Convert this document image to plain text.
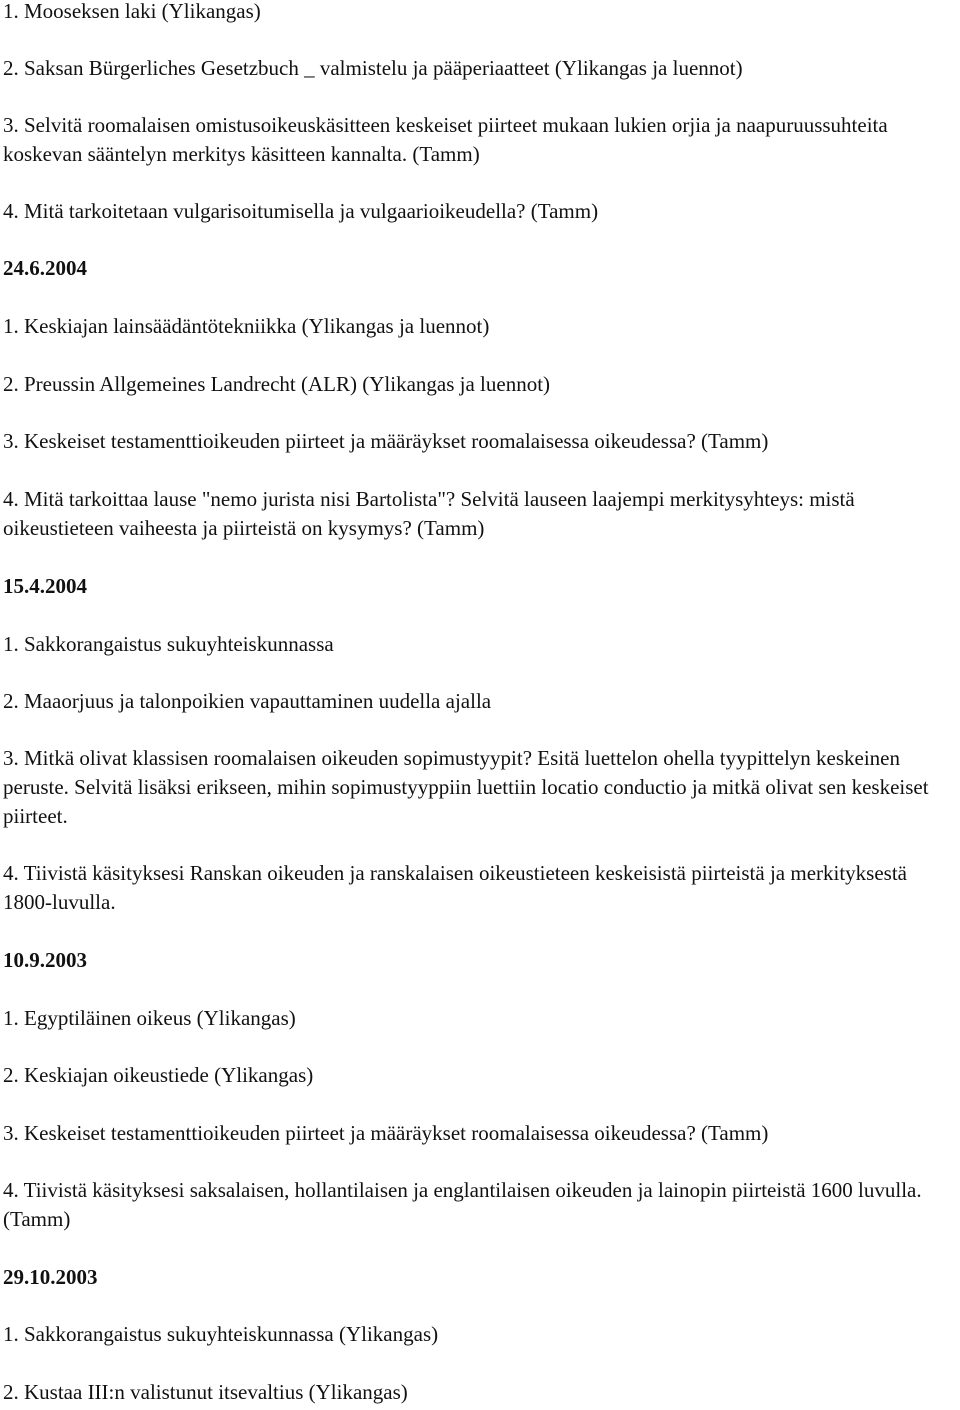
1. Mooseksen laki (Ylikangas)

2. Saksan Bürgerliches Gesetzbuch _ valmistelu ja pääperiaatteet (Ylikangas ja luennot)

3. Selvitä roomalaisen omistusoikeuskäsitteen keskeiset piirteet mukaan lukien orjia ja naapuruussuhteita koskevan sääntelyn merkitys käsitteen kannalta. (Tamm)

4. Mitä tarkoitetaan vulgarisoitumisella ja vulgaarioikeudella? (Tamm)

24.6.2004

1. Keskiajan lainsäädäntötekniikka (Ylikangas ja luennot)

2. Preussin Allgemeines Landrecht (ALR) (Ylikangas ja luennot)

3. Keskeiset testamenttioikeuden piirteet ja määräykset roomalaisessa oikeudessa? (Tamm)

4. Mitä tarkoittaa lause "nemo jurista nisi Bartolista"? Selvitä lauseen laajempi merkitysyhteys: mistä oikeustieteen vaiheesta ja piirteistä on kysymys? (Tamm)

15.4.2004

1. Sakkorangaistus sukuyhteiskunnassa

2. Maaorjuus ja talonpoikien vapauttaminen uudella ajalla

3. Mitkä olivat klassisen roomalaisen oikeuden sopimustyypit? Esitä luettelon ohella tyypittelyn keskeinen peruste. Selvitä lisäksi erikseen, mihin sopimustyyppiin luettiin locatio conductio ja mitkä olivat sen keskeiset piirteet.

4. Tiivistä käsityksesi Ranskan oikeuden ja ranskalaisen oikeustieteen keskeisistä piirteistä ja merkityksestä 1800-luvulla.

10.9.2003

1. Egyptiläinen oikeus (Ylikangas)

2. Keskiajan oikeustiede (Ylikangas)

3. Keskeiset testamenttioikeuden piirteet ja määräykset roomalaisessa oikeudessa? (Tamm)

4. Tiivistä käsityksesi saksalaisen, hollantilaisen ja englantilaisen oikeuden ja lainopin piirteistä 1600 luvulla. (Tamm)

29.10.2003

1. Sakkorangaistus sukuyhteiskunnassa (Ylikangas)

2. Kustaa III:n valistunut itsevaltius (Ylikangas)
